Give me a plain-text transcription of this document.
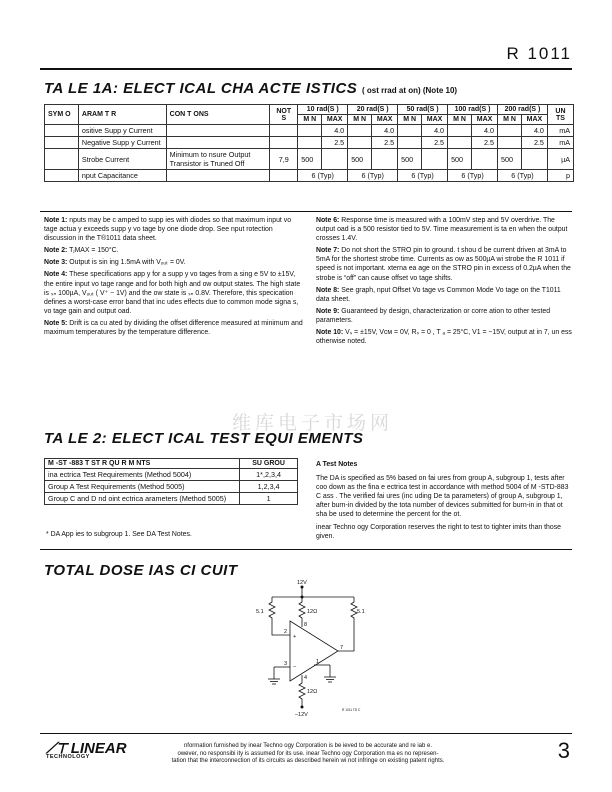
R 1011
TA LE 1A: ELECT ICAL CHA ACTE ISTICS ( ost rrad at on) (Note 10)
SYM O	ARAM T R	CON T ONS	NOT S	10 rad(S )		20 rad(S )		50 rad(S )		100 rad(S )		200 rad(S )		UN TS
				M N	MAX	M N	MAX	M N	MAX	M N	MAX	M N	MAX	
	ositive Supp y Current				4.0		4.0		4.0		4.0		4.0	mA
	Negative Supp y Current				2.5		2.5		2.5		2.5		2.5	mA
	Strobe Current	Minimum to nsure Output Transistor is Truned Off	7,9	500		500		500		500		500		µA
	nput Capacitance			6 (Typ)		6 (Typ)		6 (Typ)		6 (Typ)		6 (Typ)		p

Note 1: nputs may be c amped to supp ies with diodes so that maximum input vo tage actua y exceeds supp y vo tage by one diode drop. See nput rotection discussion in the T®1011 data sheet.

Note 2: TⱼMAX = 150°C.

Note 3: Output is sin ing 1.5mA with Vₒᵤₜ = 0V.

Note 4: These specifications app y for a supp y vo tages from a sing e 5V to ±15V, the entire input vo tage range and for both high and ow output states. The high state is ₛₙ 100µA, Vₒᵤₜ ( V⁺ − 1V) and the ow state is ₛₙ 0.8V. Therefore, this specication defines a worst-case error band that inc udes effects due to common mode signa s, vo tage gain and output oad.

Note 5: Drift is ca cu ated by dividing the offset difference measured at minimum and maximum temperatures by the temperature difference.

Note 6: Response time is measured with a 100mV step and 5V overdrive. The output oad is a 500 resistor tied to 5V. Time measurement is ta en when the output crosses 1.4V.

Note 7: Do not short the STRO pin to ground. t shou d be current driven at 3mA to 5mA for the shortest strobe time. Currents as ow as 500µA wi strobe the R 1011 if speed is not important. xterna ea age on the STRO pin in excess of 0.2µA when the strobe is “off” can cause offset vo tage shifts.

Note 8: See graph, nput Offset Vo tage vs Common Mode Vo tage on the T1011 data sheet.

Note 9: Guaranteed by design, characterization or corre ation to other tested parameters.

Note 10: Vₛ = ±15V, Vᴄᴍ = 0V, Rₛ = 0 , T ₐ = 25°C, V1 = −15V, output at in 7, un ess otherwise noted.

维库电子市场网
TA LE 2: ELECT ICAL TEST EQUI EMENTS
M -ST -883 T ST R QU R M NTS	SU GROU
ina ectrica Test Requirements (Method 5004)	1*,2,3,4
Group A Test Requirements (Method 5005)	1,2,3,4
Group C and D nd oint ectrica arameters (Method 5005)	1
* DA App ies to subgroup 1. See DA Test Notes.

A Test Notes

The DA is specified as 5% based on fai ures from group A, subgroup 1, tests after coo down as the fina e ectrica test in accordance with method 5004 of M -STD-883 C ass . The verified fai ures (inc uding De ta parameters) of group A, subgroup 1, after burn-in divided by the tota number of devices submitted for burn-in in that ot sha be used to determine the percent for the ot.

inear Techno ogy Corporation reserves the right to test to tighter imits than those given.

TOTAL DOSE IAS CI CUIT
12V
12Ω
5.1	5.1
2
8
3
7
1
4
+
−
12Ω
–12V
R 1011 TD C
⟋⊤ LINEAR
TECHNOLOGY
nformation furnished by inear Techno ogy Corporation is be ieved to be accurate and re iab e.
owever, no responsibi ity is assumed for its use. inear Techno ogy Corporation ma es no represen-
tation that the interconnection of its circuits as described herein wi not infringe on existing patent rights.	3
